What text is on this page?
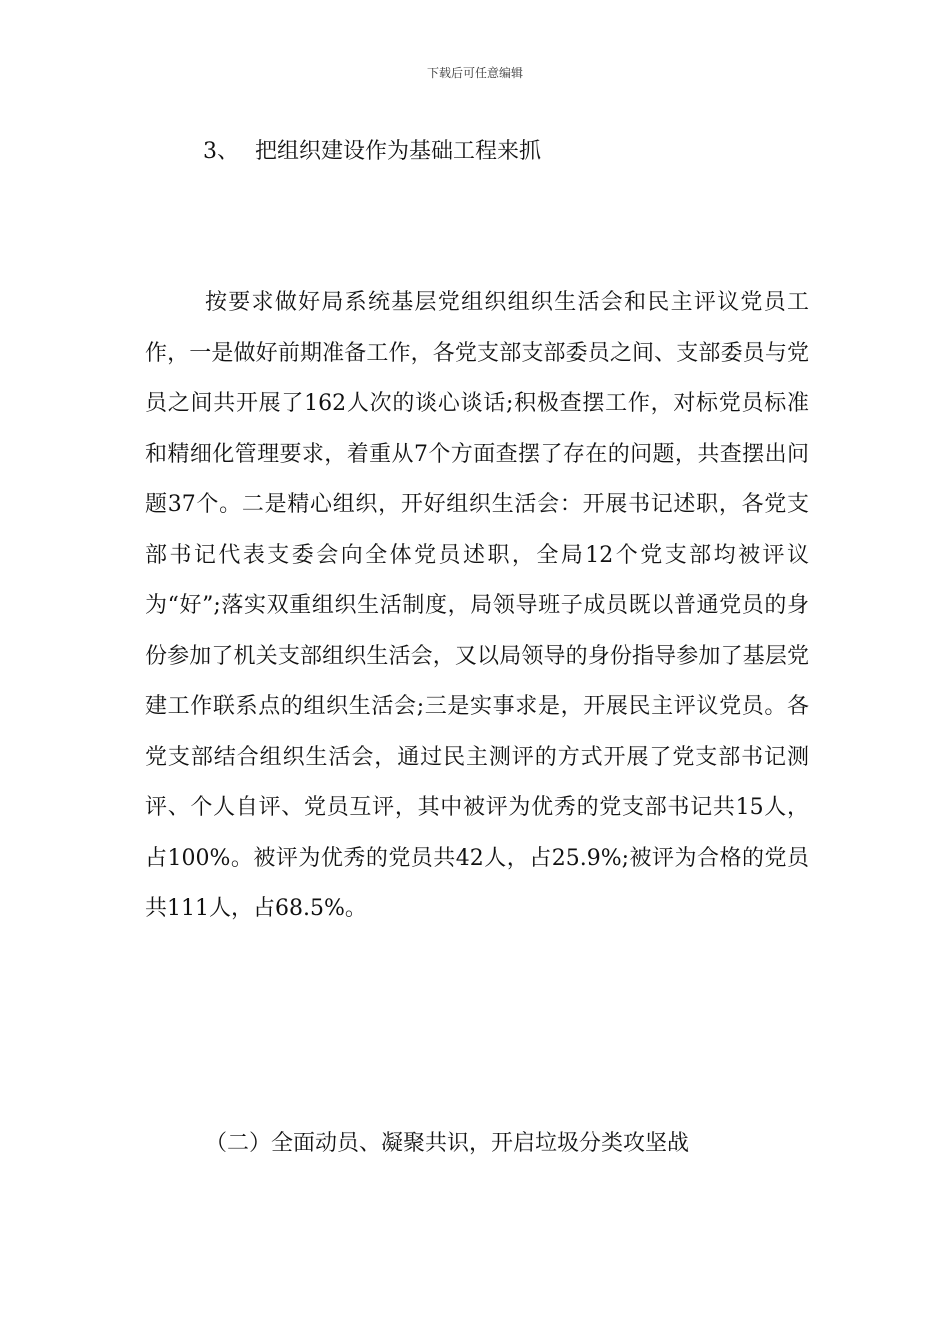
下载后可任意编辑
3、 把组织建设作为基础工程来抓

按要求做好局系统基层党组织组织生活会和民主评议党员工作，一是做好前期准备工作，各党支部支部委员之间、支部委员与党员之间共开展了162人次的谈心谈话;积极查摆工作，对标党员标准和精细化管理要求，着重从7个方面查摆了存在的问题，共查摆出问题37个。二是精心组织，开好组织生活会：开展书记述职，各党支部书记代表支委会向全体党员述职，全局12个党支部均被评议为“好”;落实双重组织生活制度，局领导班子成员既以普通党员的身份参加了机关支部组织生活会，又以局领导的身份指导参加了基层党建工作联系点的组织生活会;三是实事求是，开展民主评议党员。各党支部结合组织生活会，通过民主测评的方式开展了党支部书记测评、个人自评、党员互评，其中被评为优秀的党支部书记共15人，占100%。被评为优秀的党员共42人，占25.9%;被评为合格的党员共111人，占68.5%。

（二）全面动员、凝聚共识，开启垃圾分类攻坚战
